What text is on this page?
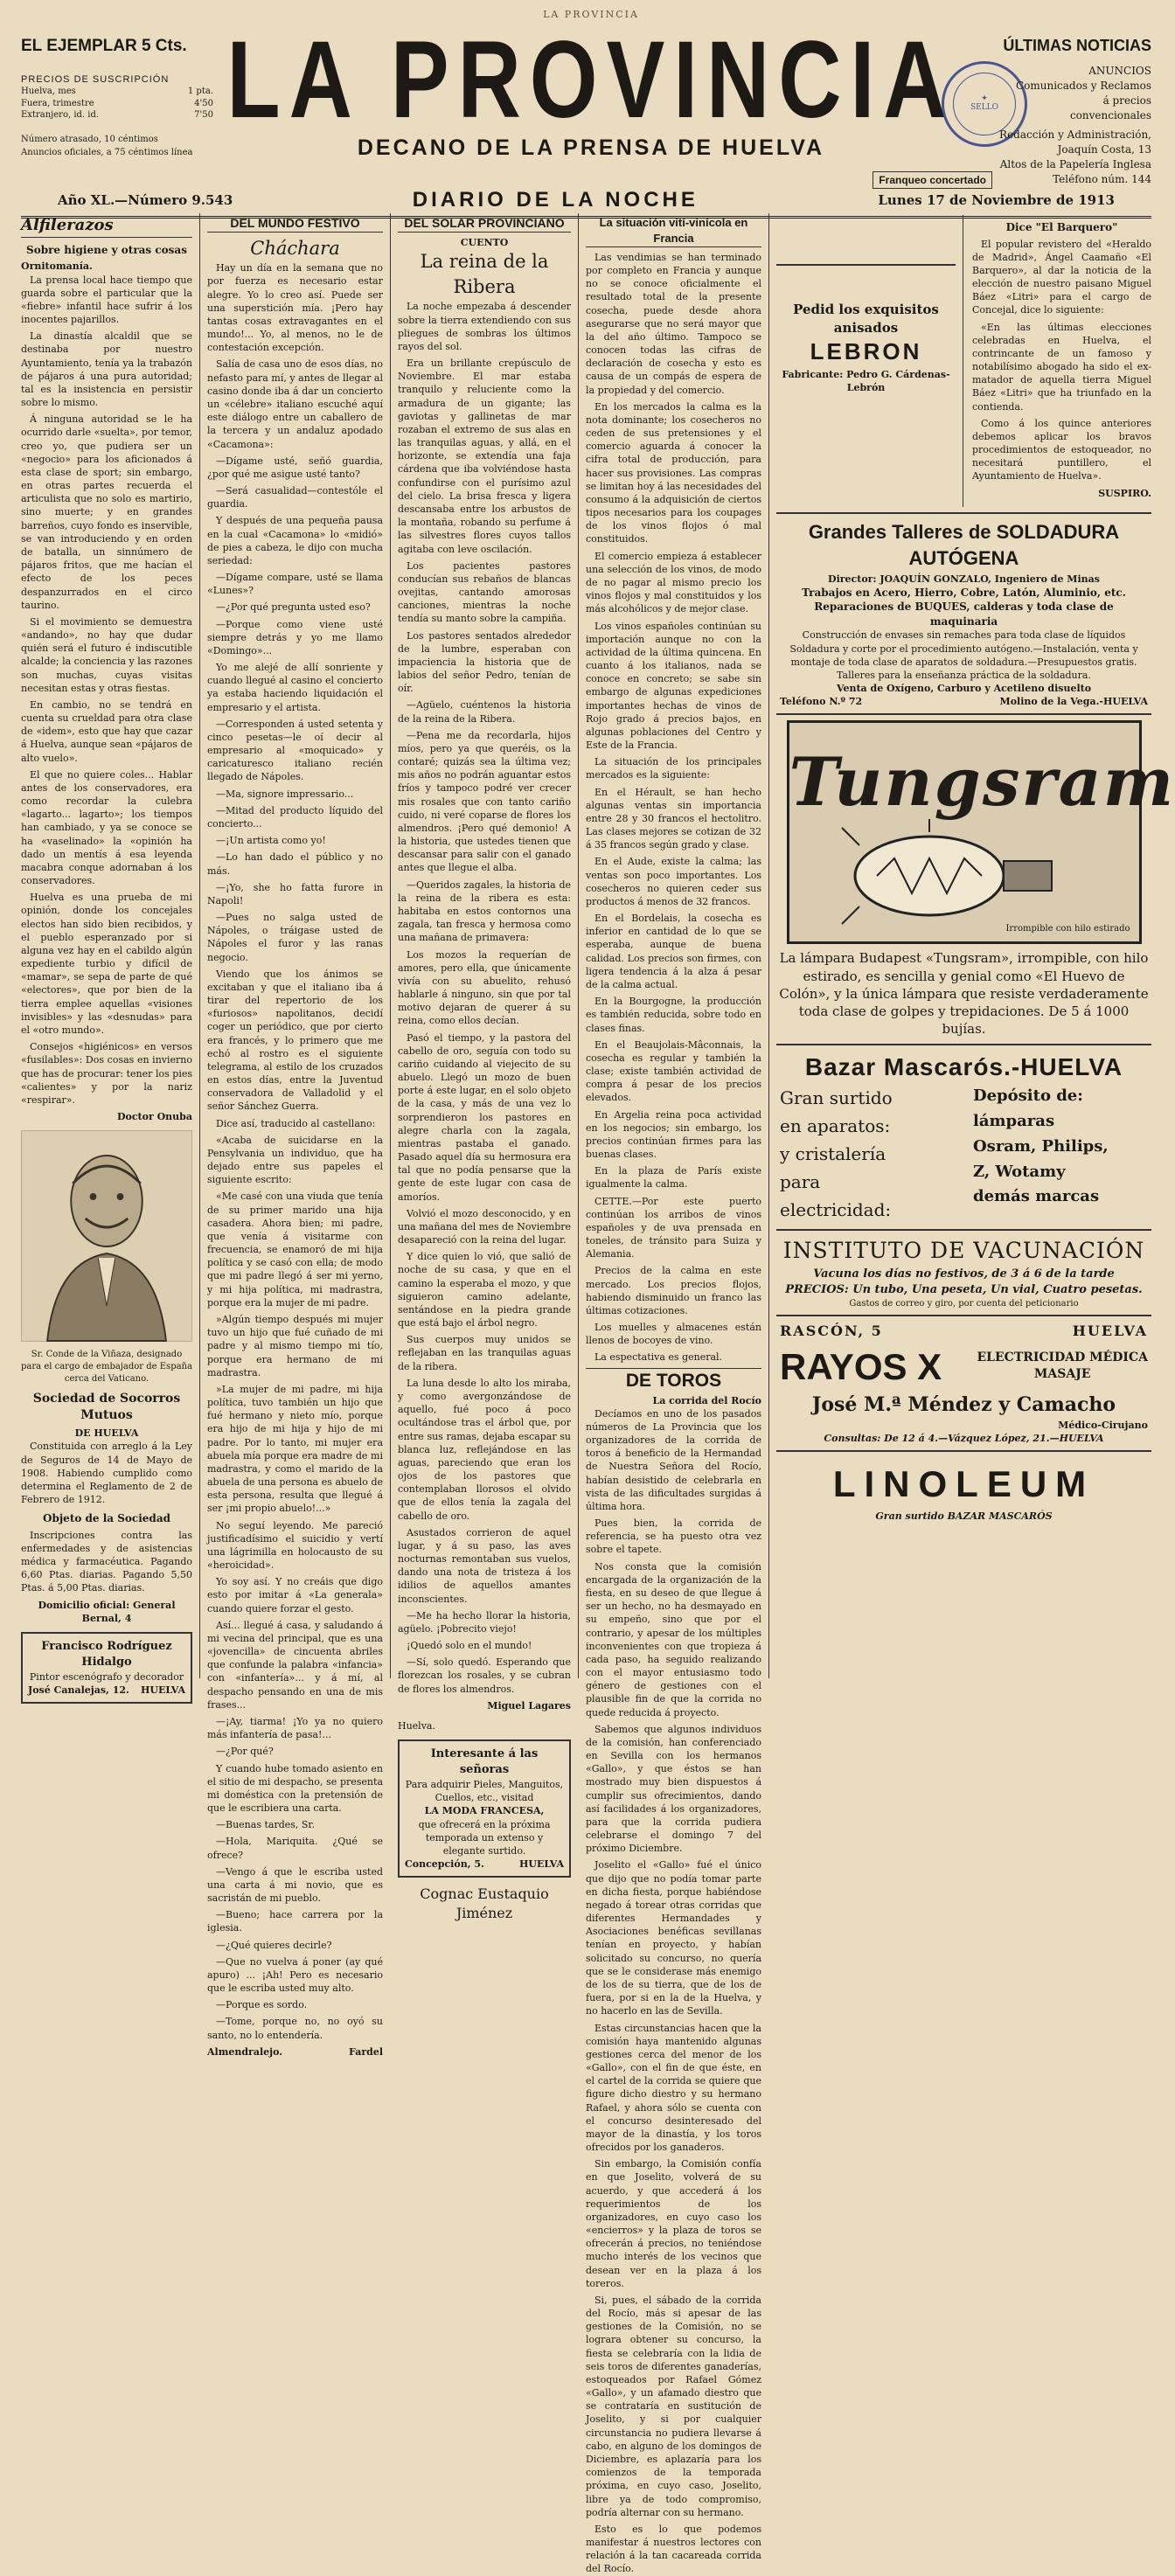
EL EJEMPLAR 5 Cts.
PRECIOS DE SUSCRIPCIÓN
Huelva, mes	1 pta.
Fuera, trimestre	4'50
Extranjero, id. id.	7'50
Número atrasado, 10 céntimos
Anuncios oficiales, a 75 céntimos línea
LA PROVINCIA
LA PROVINCIA
DECANO DE LA PRENSA DE HUELVA
Franqueo concertado
✦
SELLO
ÚLTIMAS NOTICIAS
ANUNCIOS
Comunicados y Reclamos
á precios
convencionales
Redacción y Administración,
Joaquín Costa, 13
Altos de la Papelería Inglesa
Teléfono núm. 144
Año XL.—Número 9.543	DIARIO DE LA NOCHE	Lunes 17 de Noviembre de 1913
Alfilerazos
Sobre higiene y otras cosas
Ornitomanía.

La prensa local hace tiempo que guarda sobre el particular que la «fiebre» infantil hace sufrir á los inocentes pajarillos.

La dinastía alcaldil que se destinaba por nuestro Ayuntamiento, tenía ya la trabazón de pájaros á una pura autoridad; tal es la insistencia en persistir sobre lo mismo.

Á ninguna autoridad se le ha ocurrido darle «suelta», por temor, creo yo, que pudiera ser un «negocio» para los aficionados á esta clase de sport; sin embargo, en otras partes recuerda el articulista que no solo es martirio, sino muerte; y en grandes barreños, cuyo fondo es inservible, se van introduciendo y en orden de batalla, un sinnúmero de pájaros fritos, que me hacían el efecto de los peces despanzurrados en el circo taurino.

Si el movimiento se demuestra «andando», no hay que dudar quién será el futuro é indiscutible alcalde; la conciencia y las razones son muchas, cuyas visitas necesitan estas y otras fiestas.

En cambio, no se tendrá en cuenta su crueldad para otra clase de «idem», esto que hay que cazar á Huelva, aunque sean «pájaros de alto vuelo».

El que no quiere coles... Hablar antes de los conservadores, era como recordar la culebra «lagarto... lagarto»; los tiempos han cambiado, y ya se conoce se ha «vaselinado» la «opinión ha dado un mentís á esa leyenda macabra conque adornaban á los conservadores.

Huelva es una prueba de mi opinión, donde los concejales electos han sido bien recibidos, y el pueblo esperanzado por si alguna vez hay en el cabildo algún expediente turbio y difícil de «mamar», se sepa de parte de qué «electores», que por bien de la tierra emplee aquellas «visiones invisibles» y las «desnudas» para el «otro mundo».

Consejos «higiénicos» en versos «fusilables»: Dos cosas en invierno que has de procurar: tener los pies «calientes» y por la nariz «respirar».

Doctor Onuba
Sr. Conde de la Viñaza, designado para el cargo de embajador de España cerca del Vaticano.
Sociedad de Socorros Mutuos
DE HUELVA

Constituida con arreglo á la Ley de Seguros de 14 de Mayo de 1908. Habiendo cumplido como determina el Reglamento de 2 de Febrero de 1912.

Objeto de la Sociedad

Inscripciones contra las enfermedades y de asistencias médica y farmacéutica. Pagando 6,60 Ptas. diarias. Pagando 5,50 Ptas. á 5,00 Ptas. diarias.

Domicilio oficial: General Bernal, 4
Francisco Rodríguez Hidalgo
Pintor escenógrafo y decorador
José Canalejas, 12. HUELVA
DEL MUNDO FESTIVO
Cháchara

Hay un día en la semana que no por fuerza es necesario estar alegre. Yo lo creo así. Puede ser una superstición mía. ¡Pero hay tantas cosas extravagantes en el mundo!... Yo, al menos, no le de contestación excepción.

Salía de casa uno de esos días, no nefasto para mí, y antes de llegar al casino donde iba á dar un concierto un «célebre» italiano escuché aquí este diálogo entre un caballero de la tercera y un andaluz apodado «Cacamona»:

—Dígame usté, señó guardia, ¿por qué me asigue usté tanto?

—Será casualidad—contestóle el guardia.

Y después de una pequeña pausa en la cual «Cacamona» lo «midió» de pies a cabeza, le dijo con mucha seriedad:

—Dígame compare, usté se llama «Lunes»?

—¿Por qué pregunta usted eso?

—Porque como viene usté siempre detrás y yo me llamo «Domingo»...

Yo me alejé de allí sonriente y cuando llegué al casino el concierto ya estaba haciendo liquidación el empresario y el artista.

—Corresponden á usted setenta y cinco pesetas—le oí decir al empresario al «moquicado» y caricaturesco italiano recién llegado de Nápoles.

—Ma, signore impressario...

—Mitad del producto líquido del concierto...

—¡Un artista como yo!

—Lo han dado el público y no más.

—¡Yo, she ho fatta furore in Napoli!

—Pues no salga usted de Nápoles, o tráigase usted de Nápoles el furor y las ranas negocio.

Viendo que los ánimos se excitaban y que el italiano iba á tirar del repertorio de los «furiosos» napolitanos, decidí coger un periódico, que por cierto era francés, y lo primero que me echó al rostro es el siguiente telegrama, al estilo de los cruzados en estos días, entre la Juventud conservadora de Valladolid y el señor Sánchez Guerra.

Dice así, traducido al castellano:

«Acaba de suicidarse en la Pensylvania un individuo, que ha dejado entre sus papeles el siguiente escrito:

«Me casé con una viuda que tenía de su primer marido una hija casadera. Ahora bien; mi padre, que venía á visitarme con frecuencia, se enamoró de mi hija política y se casó con ella; de modo que mi padre llegó á ser mi yerno, y mi hija política, mi madrastra, porque era la mujer de mi padre.

»Algún tiempo después mi mujer tuvo un hijo que fué cuñado de mi padre y al mismo tiempo mi tío, porque era hermano de mi madrastra.

»La mujer de mi padre, mi hija política, tuvo también un hijo que fué hermano y nieto mío, porque era hijo de mi hija y hijo de mi padre. Por lo tanto, mi mujer era abuela mía porque era madre de mi madrastra, y como el marido de la abuela de una persona es abuelo de esta persona, resulta que llegué á ser ¡mi propio abuelo!...»

No seguí leyendo. Me pareció justificadísimo el suicidio y vertí una lágrimilla en holocausto de su «heroicidad».

Yo soy así. Y no creáis que digo esto por imitar á «La generala» cuando quiere forzar el gesto.

Así... llegué á casa, y saludando á mi vecina del principal, que es una «jovencilla» de cincuenta abriles que confunde la palabra «infancia» con «infantería»... y á mí, al despacho pensando en una de mis frases...

—¡Ay, tiarma! ¡Yo ya no quiero más infantería de pasa!...

—¿Por qué?

Y cuando hube tomado asiento en el sitio de mi despacho, se presenta mi doméstica con la pretensión de que le escribiera una carta.

—Buenas tardes, Sr.

—Hola, Mariquita. ¿Qué se ofrece?

—Vengo á que le escriba usted una carta á mi novio, que es sacristán de mi pueblo.

—Bueno; hace carrera por la iglesia.

—¿Qué quieres decirle?

—Que no vuelva á poner (ay qué apuro) ... ¡Ah! Pero es necesario que le escriba usted muy alto.

—Porque es sordo.

—Tome, porque no, no oyó su santo, no lo entendería.

Almendralejo.	Fardel
DEL SOLAR PROVINCIANO
CUENTO
La reina de la Ribera

La noche empezaba á descender sobre la tierra extendiendo con sus pliegues de sombras los últimos rayos del sol.

Era un brillante crepúsculo de Noviembre. El mar estaba tranquilo y reluciente como la armadura de un gigante; las gaviotas y gallinetas de mar rozaban el extremo de sus alas en las tranquilas aguas, y allá, en el horizonte, se extendía una faja cárdena que iba volviéndose hasta confundirse con el purísimo azul del cielo. La brisa fresca y ligera descansaba entre los arbustos de la montaña, robando su perfume á las silvestres flores cuyos tallos agitaba con leve oscilación.

Los pacientes pastores conducían sus rebaños de blancas ovejitas, cantando amorosas canciones, mientras la noche tendía su manto sobre la campiña.

Los pastores sentados alrededor de la lumbre, esperaban con impaciencia la historia que de labios del señor Pedro, tenían de oír.

—Agüelo, cuéntenos la historia de la reina de la Ribera.

—Pena me da recordarla, hijos míos, pero ya que queréis, os la contaré; quizás sea la última vez; mis años no podrán aguantar estos fríos y tampoco podré ver crecer mis rosales que con tanto cariño cuido, ni veré coparse de flores los almendros. ¡Pero qué demonio! A la historia, que ustedes tienen que descansar para salir con el ganado antes que llegue el alba.

—Queridos zagales, la historia de la reina de la ribera es esta: habitaba en estos contornos una zagala, tan fresca y hermosa como una mañana de primavera:

Los mozos la requerían de amores, pero ella, que únicamente vivía con su abuelito, rehusó hablarle á ninguno, sin que por tal motivo dejaran de querer á su reina, como ellos decían.

Pasó el tiempo, y la pastora del cabello de oro, seguía con todo su cariño cuidando al viejecito de su abuelo. Llegó un mozo de buen porte á este lugar, en el solo objeto de la casa, y más de una vez lo sorprendieron los pastores en alegre charla con la zagala, mientras pastaba el ganado. Pasado aquel día su hermosura era tal que no podía pensarse que la gente de este lugar con casa de amoríos.

Volvió el mozo desconocido, y en una mañana del mes de Noviembre desapareció con la reina del lugar.

Y dice quien lo vió, que salió de noche de su casa, y que en el camino la esperaba el mozo, y que siguieron camino adelante, sentándose en la piedra grande que está bajo el árbol negro.

Sus cuerpos muy unidos se reflejaban en las tranquilas aguas de la ribera.

La luna desde lo alto los miraba, y como avergonzándose de aquello, fué poco á poco ocultándose tras el árbol que, por entre sus ramas, dejaba escapar su blanca luz, reflejándose en las aguas, pareciendo que eran los ojos de los pastores que contemplaban llorosos el olvido que de ellos tenía la zagala del cabello de oro.

Asustados corrieron de aquel lugar, y á su paso, las aves nocturnas remontaban sus vuelos, dando una nota de tristeza á los idilios de aquellos amantes inconscientes.

—Me ha hecho llorar la historia, agüelo. ¡Pobrecito viejo!

¡Quedó solo en el mundo!

—Sí, solo quedó. Esperando que florezcan los rosales, y se cubran de flores los almendros.

Miguel Lagares
Huelva.
Interesante á las señoras
Para adquirir Pieles, Manguitos, Cuellos, etc., visitad
LA MODA FRANCESA,
que ofrecerá en la próxima temporada un extenso y elegante surtido.
Concepción, 5.	HUELVA
Cognac Eustaquio Jiménez
La situación vití-vinícola en Francia

Las vendimias se han terminado por completo en Francia y aunque no se conoce oficialmente el resultado total de la presente cosecha, puede desde ahora asegurarse que no será mayor que la del año último. Tampoco se conocen todas las cifras de declaración de cosecha y esto es causa de un compás de espera de la propiedad y del comercio.

En los mercados la calma es la nota dominante; los cosecheros no ceden de sus pretensiones y el comercio aguarda á conocer la cifra total de producción, para hacer sus provisiones. Las compras se limitan hoy á las necesidades del consumo á la adquisición de ciertos tipos necesarios para los coupages de los vinos flojos ó mal constituidos.

El comercio empieza á establecer una selección de los vinos, de modo de no pagar al mismo precio los vinos flojos y mal constituidos y los más alcohólicos y de mejor clase.

Los vinos españoles continúan su importación aunque no con la actividad de la última quincena. En cuanto á los italianos, nada se conoce en concreto; se sabe sin embargo de algunas expediciones importantes hechas de vinos de Rojo grado á precios bajos, en algunas poblaciones del Centro y Este de la Francia.

La situación de los principales mercados es la siguiente:

En el Hérault, se han hecho algunas ventas sin importancia entre 28 y 30 francos el hectolitro. Las clases mejores se cotizan de 32 á 35 francos según grado y clase.

En el Aude, existe la calma; las ventas son poco importantes. Los cosecheros no quieren ceder sus productos á menos de 32 francos.

En el Bordelais, la cosecha es inferior en cantidad de lo que se esperaba, aunque de buena calidad. Los precios son firmes, con ligera tendencia á la alza á pesar de la calma actual.

En la Bourgogne, la producción es también reducida, sobre todo en clases finas.

En el Beaujolais-Mâconnais, la cosecha es regular y también la clase; existe también actividad de compra á pesar de los precios elevados.

En Argelia reina poca actividad en los negocios; sin embargo, los precios continúan firmes para las buenas clases.

En la plaza de París existe igualmente la calma.

CETTE.—Por este puerto continúan los arribos de vinos españoles y de uva prensada en toneles, de tránsito para Suiza y Alemania.

Precios de la calma en este mercado. Los precios flojos, habiendo disminuido un franco las últimas cotizaciones.

Los muelles y almacenes están llenos de bocoyes de vino.

La espectativa es general.

DE TOROS
La corrida del Rocío

Decíamos en uno de los pasados números de La Provincia que los organizadores de la corrida de toros á beneficio de la Hermandad de Nuestra Señora del Rocío, habían desistido de celebrarla en vista de las dificultades surgidas á última hora.

Pues bien, la corrida de referencia, se ha puesto otra vez sobre el tapete.

Nos consta que la comisión encargada de la organización de la fiesta, en su deseo de que llegue á ser un hecho, no ha desmayado en su empeño, sino que por el contrario, y apesar de los múltiples inconvenientes con que tropieza á cada paso, ha seguido realizando con el mayor entusiasmo todo género de gestiones con el plausible fin de que la corrida no quede reducida á proyecto.

Sabemos que algunos individuos de la comisión, han conferenciado en Sevilla con los hermanos «Gallo», y que éstos se han mostrado muy bien dispuestos á cumplir sus ofrecimientos, dando así facilidades á los organizadores, para que la corrida pudiera celebrarse el domingo 7 del próximo Diciembre.

Joselito el «Gallo» fué el único que dijo que no podía tomar parte en dicha fiesta, porque habiéndose negado á torear otras corridas que diferentes Hermandades y Asociaciones benéficas sevillanas tenían en proyecto, y habían solicitado su concurso, no quería que se le considerase más enemigo de los de su tierra, que de los de fuera, por si en la de la Huelva, y no hacerlo en las de Sevilla.

Estas circunstancias hacen que la comisión haya mantenido algunas gestiones cerca del menor de los «Gallo», con el fin de que éste, en el cartel de la corrida se quiere que figure dicho diestro y su hermano Rafael, y ahora sólo se cuenta con el concurso desinteresado del mayor de la dinastía, y los toros ofrecidos por los ganaderos.

Sin embargo, la Comisión confía en que Joselito, volverá de su acuerdo, y que accederá á los requerimientos de los organizadores, en cuyo caso los «encierros» y la plaza de toros se ofrecerán á precios, no teniéndose mucho interés de los vecinos que desean ver en la plaza á los toreros.

Si, pues, el sábado de la corrida del Rocío, más si apesar de las gestiones de la Comisión, no se lograra obtener su concurso, la fiesta se celebraría con la lidia de seis toros de diferentes ganaderías, estoqueados por Rafael Gómez «Gallo», y un afamado diestro que se contrataría en sustitución de Joselito, y si por cualquier circunstancia no pudiera llevarse á cabo, en alguno de los domingos de Diciembre, es aplazaría para los comienzos de la temporada próxima, en cuyo caso, Joselito, libre ya de todo compromiso, podría alternar con su hermano.

Esto es lo que podemos manifestar á nuestros lectores con relación á la tan cacareada corrida del Rocío.

Pedid los exquisitos anisados
LEBRON
Fabricante: Pedro G. Cárdenas-Lebrón
Dice "El Barquero"

El popular revistero del «Heraldo de Madrid», Ángel Caamaño «El Barquero», al dar la noticia de la elección de nuestro paisano Miguel Báez «Litri» para el cargo de Concejal, dice lo siguiente:

«En las últimas elecciones celebradas en Huelva, el contrincante de un famoso y notabilísimo abogado ha sido el ex-matador de aquella tierra Miguel Báez «Litri» que ha triunfado en la contienda.

Como á los quince anteriores debemos aplicar los bravos procedimientos de estoqueador, no necesitará puntillero, el Ayuntamiento de Huelva».

SUSPIRO.
Grandes Talleres de SOLDADURA AUTÓGENA
Director: JOAQUÍN GONZALO, Ingeniero de Minas
Trabajos en Acero, Hierro, Cobre, Latón, Aluminio, etc. Reparaciones de BUQUES, calderas y toda clase de maquinaria
Construcción de envases sin remaches para toda clase de líquidos
Soldadura y corte por el procedimiento autógeno.—Instalación, venta y montaje de toda clase de aparatos de soldadura.—Presupuestos gratis.
Talleres para la enseñanza práctica de la soldadura.
Venta de Oxígeno, Carburo y Acetileno disuelto
Teléfono N.º 72	Molino de la Vega.-HUELVA
Tungsram
Irrompible con hilo estirado
La lámpara Budapest «Tungsram», irrompible, con hilo estirado, es sencilla y genial como «El Huevo de Colón», y la única lámpara que resiste verdaderamente toda clase de golpes y trepidaciones. De 5 á 1000 bujías.
Bazar Mascarós.-HUELVA
Gran surtido
en aparatos:
y cristalería
para
electricidad:
Depósito de:
lámparas
Osram, Philips,
Z, Wotamy
demás marcas
INSTITUTO DE VACUNACIÓN
Vacuna los días no festivos, de 3 á 6 de la tarde
PRECIOS: Un tubo, Una peseta, Un vial, Cuatro pesetas.
Gastos de correo y giro, por cuenta del peticionario
RASCÓN, 5	HUELVA
RAYOS X	ELECTRICIDAD MÉDICA
MASAJE
José M.ª Méndez y Camacho
Médico-Cirujano
Consultas: De 12 á 4.—Vázquez López, 21.—HUELVA
LINOLEUM
Gran surtido BAZAR MASCARÓS
